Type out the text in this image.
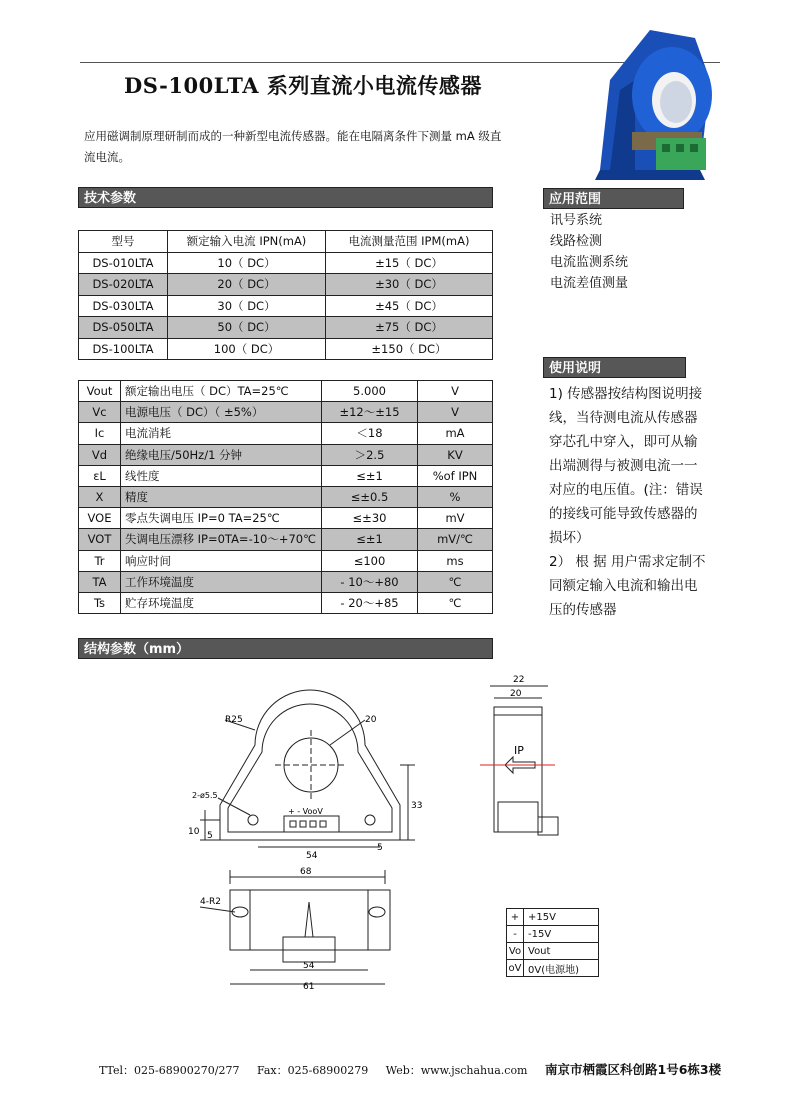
DS-100LTA 系列直流小电流传感器
应用磁调制原理研制而成的一种新型电流传感器。能在电隔离条件下测量 mA 级直流电流。
技术参数
型号	额定输入电流 IPN(mA)	电流测量范围 IPM(mA)
DS-010LTA	10（ DC）	±15（ DC）
DS-020LTA	20（ DC）	±30（ DC）
DS-030LTA	30（ DC）	±45（ DC）
DS-050LTA	50（ DC）	±75（ DC）
DS-100LTA	100（ DC）	±150（ DC）
Vout	额定输出电压（ DC）TA=25℃	5.000	V
Vc	电源电压（ DC）（ ±5%）	±12～±15	V
Ic	电流消耗	＜18	mA
Vd	绝缘电压/50Hz/1 分钟	＞2.5	KV
εL	线性度	≤±1	%of IPN
X	精度	≤±0.5	%
VOE	零点失调电压 IP=0 TA=25℃	≤±30	mV
VOT	失调电压漂移 IP=0TA=-10～+70℃	≤±1	mV/℃
Tr	响应时间	≤100	ms
TA	工作环境温度	- 10～+80	℃
Ts	贮存环境温度	- 20～+85	℃
应用范围
讯号系统
线路检测
电流监测系统
电流差值测量
使用说明
1) 传感器按结构图说明接线，当待测电流从传感器穿芯孔中穿入，即可从输出端测得与被测电流一一对应的电压值。(注：错误的接线可能导致传感器的损坏）
2） 根 据 用户需求定制不同额定输入电流和输出电压的传感器
结构参数（mm）
R25	20
2-ø5.5
+ - VooV
33
10 5
5
54
68
4-R2
54
61
22
20
IP
+	+15V
-	-15V
Vo	Vout
oV	0V(电源地)
TTel：025-68900270/277 Fax：025-68900279 Web：www.jschahua.com 南京市栖霞区科创路1号6栋3楼
